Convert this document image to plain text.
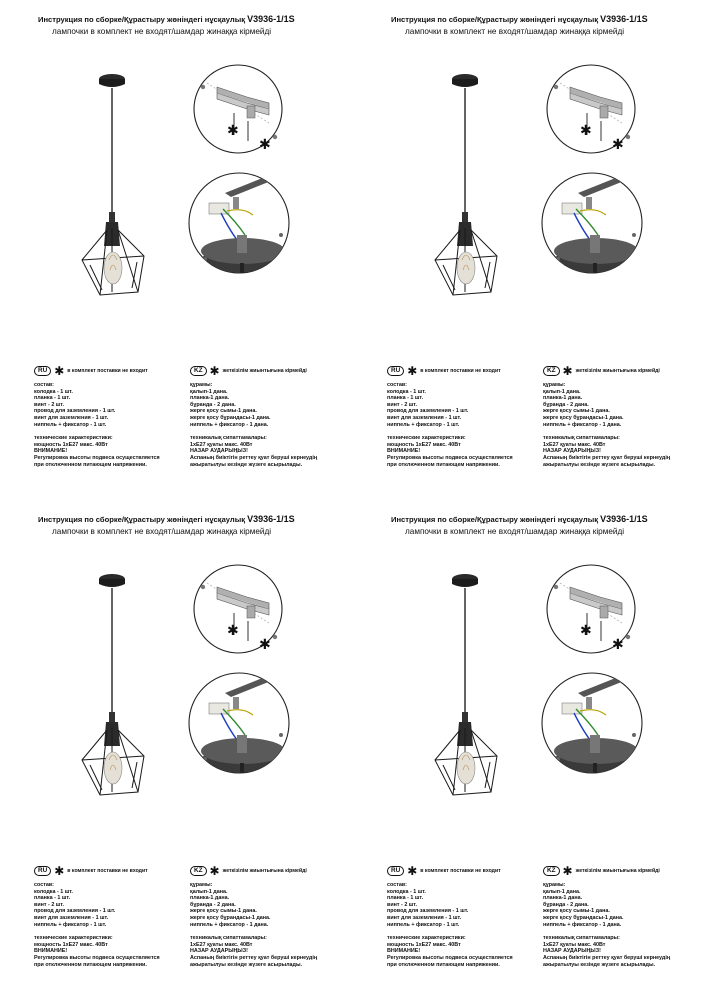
Инструкция по сборке/Құрастыру жөніндегі нұсқаулық V3936-1/1S
лампочки в комплект не входят/шамдар жинаққа кірмейді
✱
✱
RU ✱ в комплект поставки не входит
состав:
колодка - 1 шт.
планка - 1 шт.
винт - 2 шт.
провод для заземления - 1 шт.
винт для заземления - 1 шт.
ниппель + фиксатор - 1 шт.
технические характеристики:
мощность 1хЕ27 макс. 40Вт
ВНИМАНИЕ!
Регулировка высоты подвеса осуществляется
при отключенном питающем напряжении.
KZ ✱ жеткізілім жиынтығына кірмейді
құрамы:
қалып-1 дана.
планка-1 дана.
бұранда - 2 дана.
жерге қосу сымы-1 дана.
жерге қосу бұрандасы-1 дана.
ниппель + фиксатор - 1 дана.
техникалық сипаттамалары:
1хЕ27 қуаты макс. 40Вт
НАЗАР АУДАРЫҢЫЗ!
Аспаның биіктігін реттеу қуат беруші кернеудің
ажыратылуы кезінде жүзеге асырылады.
Инструкция по сборке/Құрастыру жөніндегі нұсқаулық V3936-1/1S
лампочки в комплект не входят/шамдар жинаққа кірмейді
✱
✱
RU ✱ в комплект поставки не входит
состав:
колодка - 1 шт.
планка - 1 шт.
винт - 2 шт.
провод для заземления - 1 шт.
винт для заземления - 1 шт.
ниппель + фиксатор - 1 шт.
технические характеристики:
мощность 1хЕ27 макс. 40Вт
ВНИМАНИЕ!
Регулировка высоты подвеса осуществляется
при отключенном питающем напряжении.
KZ ✱ жеткізілім жиынтығына кірмейді
құрамы:
қалып-1 дана.
планка-1 дана.
бұранда - 2 дана.
жерге қосу сымы-1 дана.
жерге қосу бұрандасы-1 дана.
ниппель + фиксатор - 1 дана.
техникалық сипаттамалары:
1хЕ27 қуаты макс. 40Вт
НАЗАР АУДАРЫҢЫЗ!
Аспаның биіктігін реттеу қуат беруші кернеудің
ажыратылуы кезінде жүзеге асырылады.
Инструкция по сборке/Құрастыру жөніндегі нұсқаулық V3936-1/1S
лампочки в комплект не входят/шамдар жинаққа кірмейді
✱
✱
RU ✱ в комплект поставки не входит
состав:
колодка - 1 шт.
планка - 1 шт.
винт - 2 шт.
провод для заземления - 1 шт.
винт для заземления - 1 шт.
ниппель + фиксатор - 1 шт.
технические характеристики:
мощность 1хЕ27 макс. 40Вт
ВНИМАНИЕ!
Регулировка высоты подвеса осуществляется
при отключенном питающем напряжении.
KZ ✱ жеткізілім жиынтығына кірмейді
құрамы:
қалып-1 дана.
планка-1 дана.
бұранда - 2 дана.
жерге қосу сымы-1 дана.
жерге қосу бұрандасы-1 дана.
ниппель + фиксатор - 1 дана.
техникалық сипаттамалары:
1хЕ27 қуаты макс. 40Вт
НАЗАР АУДАРЫҢЫЗ!
Аспаның биіктігін реттеу қуат беруші кернеудің
ажыратылуы кезінде жүзеге асырылады.
Инструкция по сборке/Құрастыру жөніндегі нұсқаулық V3936-1/1S
лампочки в комплект не входят/шамдар жинаққа кірмейді
✱
✱
RU ✱ в комплект поставки не входит
состав:
колодка - 1 шт.
планка - 1 шт.
винт - 2 шт.
провод для заземления - 1 шт.
винт для заземления - 1 шт.
ниппель + фиксатор - 1 шт.
технические характеристики:
мощность 1хЕ27 макс. 40Вт
ВНИМАНИЕ!
Регулировка высоты подвеса осуществляется
при отключенном питающем напряжении.
KZ ✱ жеткізілім жиынтығына кірмейді
құрамы:
қалып-1 дана.
планка-1 дана.
бұранда - 2 дана.
жерге қосу сымы-1 дана.
жерге қосу бұрандасы-1 дана.
ниппель + фиксатор - 1 дана.
техникалық сипаттамалары:
1хЕ27 қуаты макс. 40Вт
НАЗАР АУДАРЫҢЫЗ!
Аспаның биіктігін реттеу қуат беруші кернеудің
ажыратылуы кезінде жүзеге асырылады.
